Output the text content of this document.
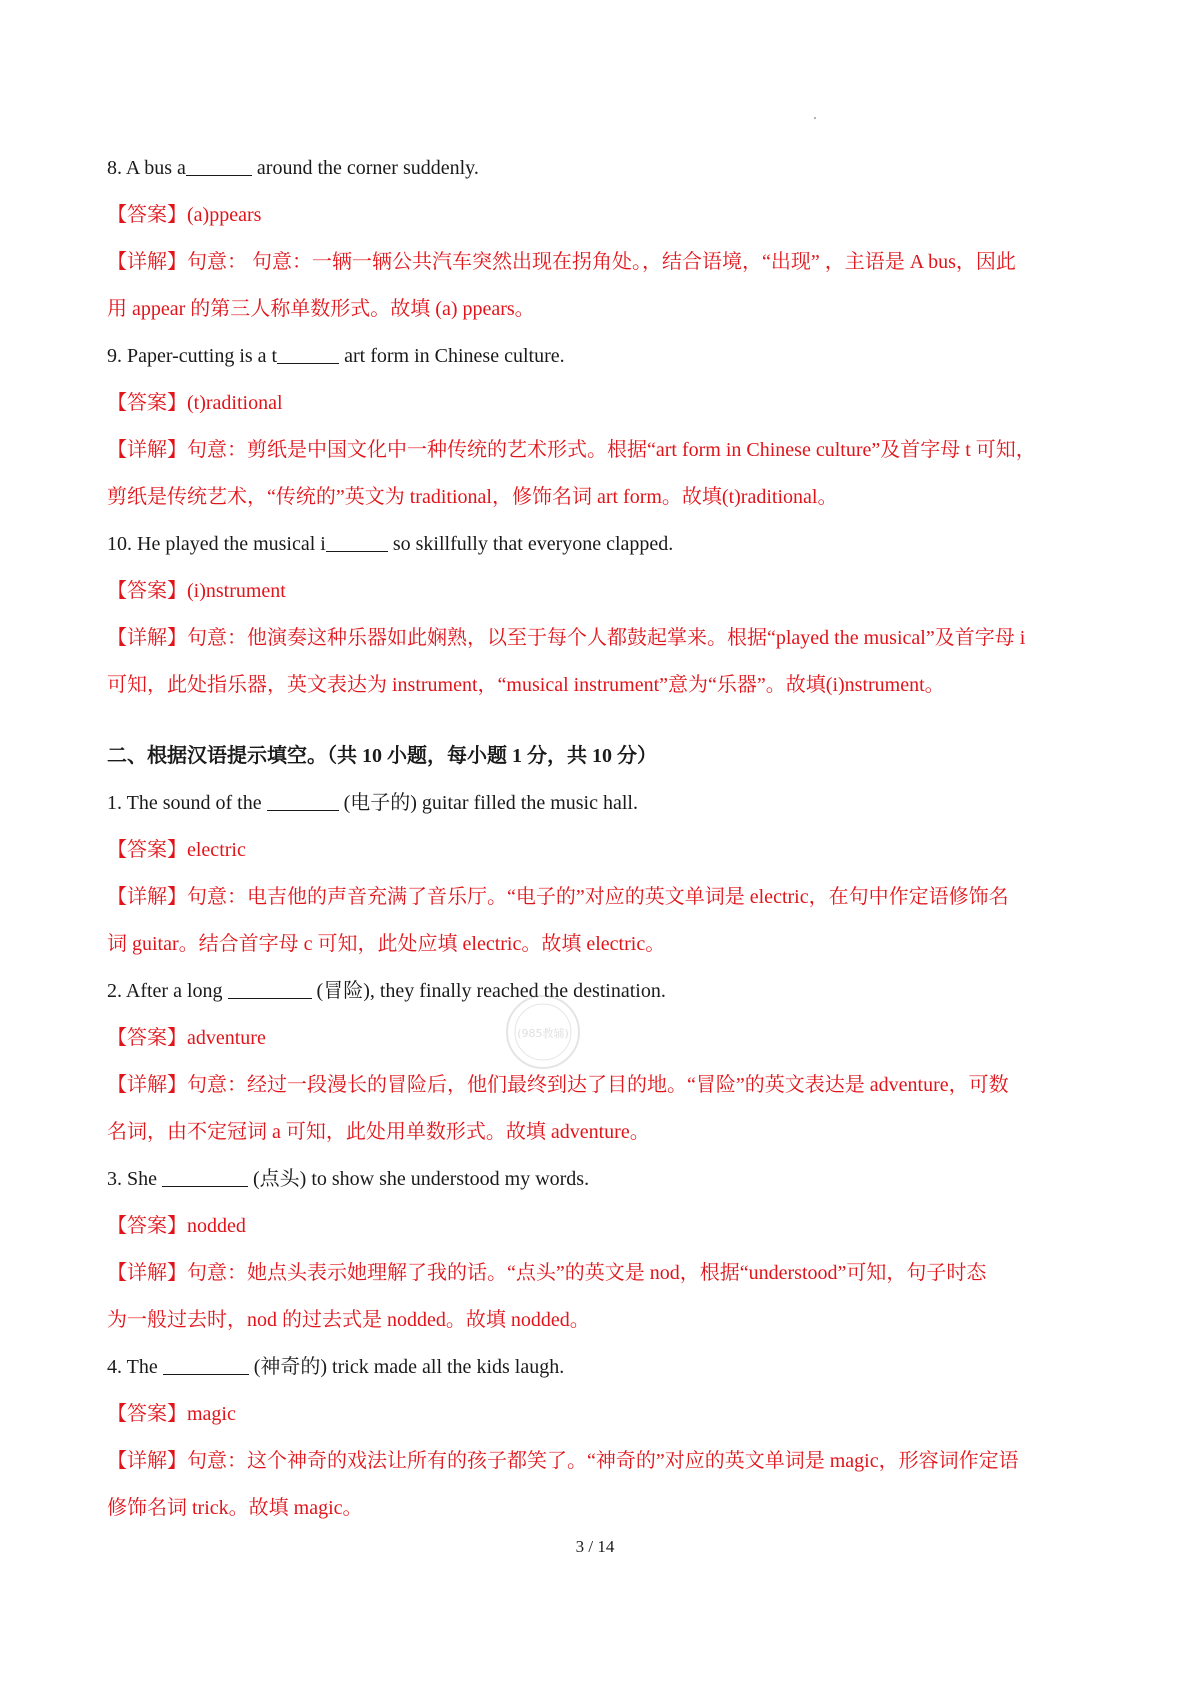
8. A bus a	around the corner suddenly.
【答案】(a)ppears
【详解】句意： 句意：一辆一辆公共汽车突然出现在拐角处。，结合语境，“出现” ，主语是 A bus，因此
用 appear 的第三人称单数形式。故填 (a) ppears。
9. Paper-cutting is a t	art form in Chinese culture.
【答案】(t)raditional
【详解】句意：剪纸是中国文化中一种传统的艺术形式。根据“art form in Chinese culture”及首字母 t 可知，
剪纸是传统艺术，“传统的”英文为 traditional，修饰名词 art form。故填(t)raditional。
10. He played the musical i	so skillfully that everyone clapped.
【答案】(i)nstrument
【详解】句意：他演奏这种乐器如此娴熟，以至于每个人都鼓起掌来。根据“played the musical”及首字母 i
可知，此处指乐器，英文表达为 instrument，“musical instrument”意为“乐器”。故填(i)nstrument。
二、根据汉语提示填空。（共 10 小题，每小题 1 分，共 10 分）
1. The sound of the	(电子的) guitar filled the music hall.
【答案】electric
【详解】句意：电吉他的声音充满了音乐厅。“电子的”对应的英文单词是 electric，在句中作定语修饰名
词 guitar。结合首字母 c 可知，此处应填 electric。故填 electric。
2. After a long	(冒险), they finally reached the destination.
【答案】adventure
【详解】句意：经过一段漫长的冒险后，他们最终到达了目的地。“冒险”的英文表达是 adventure，可数
名词，由不定冠词 a 可知，此处用单数形式。故填 adventure。
3. She	(点头) to show she understood my words.
【答案】nodded
【详解】句意：她点头表示她理解了我的话。“点头”的英文是 nod，根据“understood”可知，句子时态
为一般过去时，nod 的过去式是 nodded。故填 nodded。
4. The	(神奇的) trick made all the kids laugh.
【答案】magic
【详解】句意：这个神奇的戏法让所有的孩子都笑了。“神奇的”对应的英文单词是 magic，形容词作定语
修饰名词 trick。故填 magic。
(985教辅)
3 / 14
